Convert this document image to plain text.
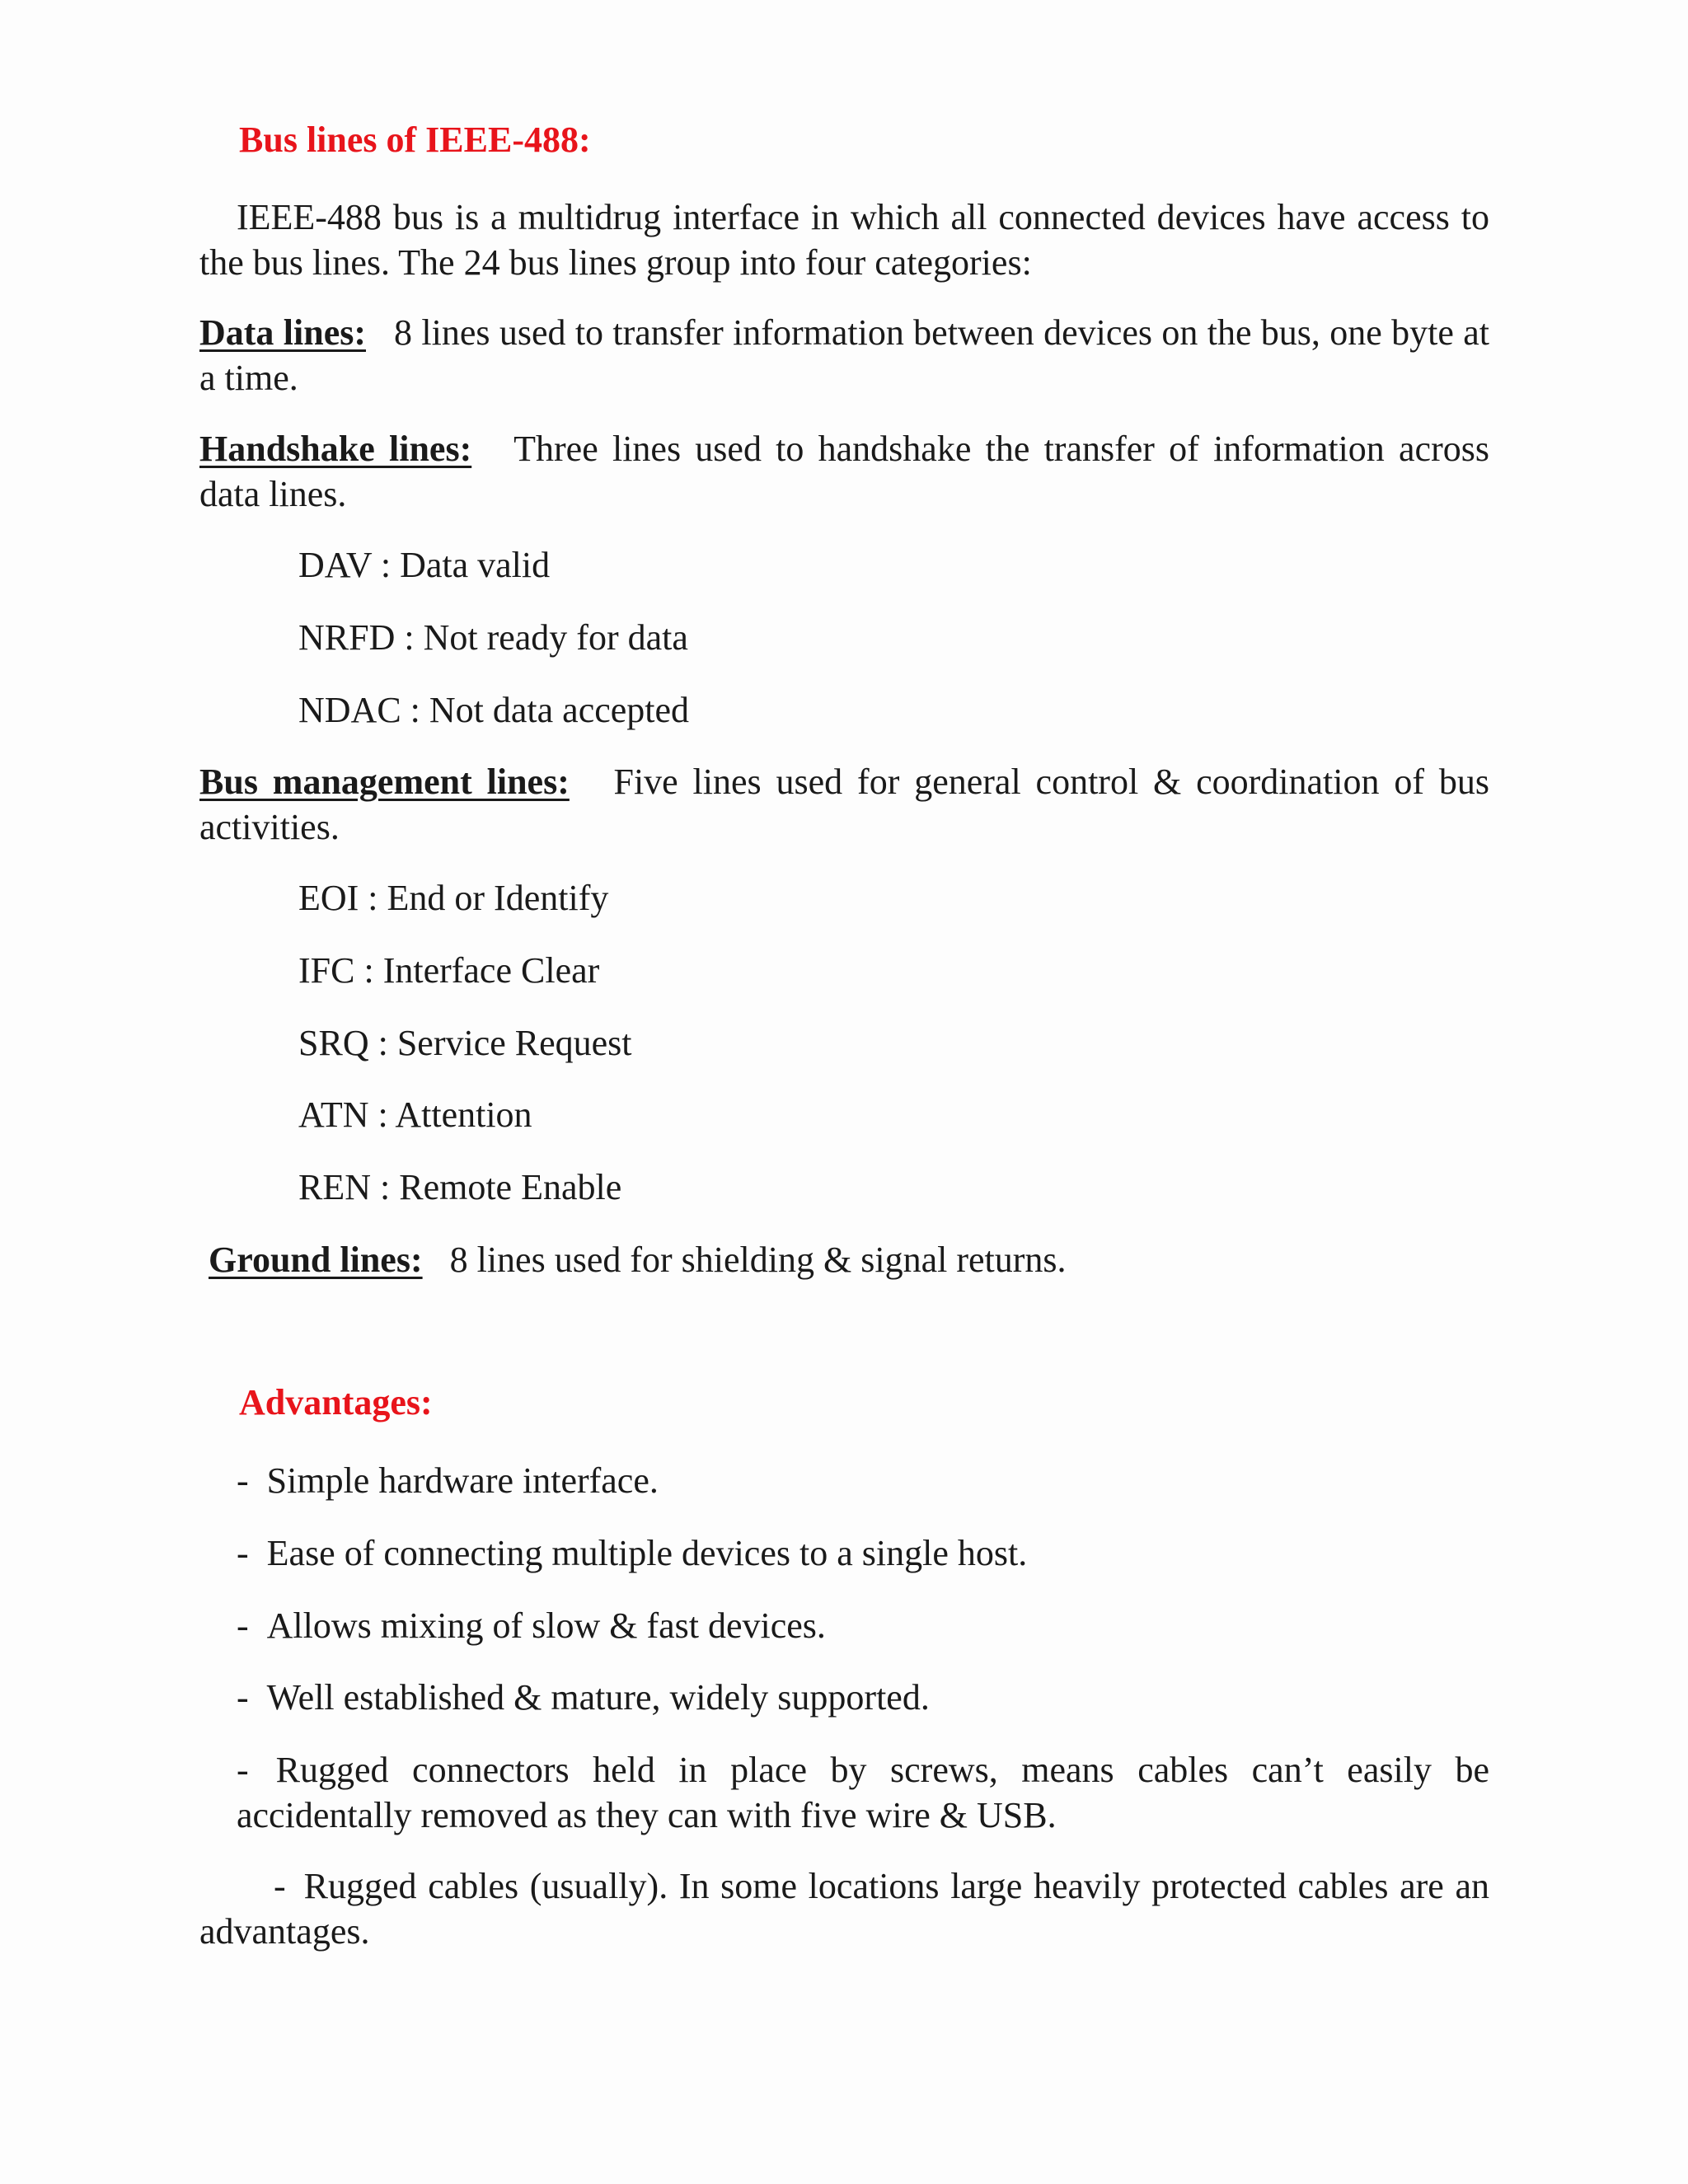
Bus lines of IEEE-488:
IEEE-488 bus is a multidrug interface in which all connected devices have access to the bus lines. The 24 bus lines group into four categories:
Data lines: 8 lines used to transfer information between devices on the bus, one byte at a time.
Handshake lines: Three lines used to handshake the transfer of information across data lines.
DAV : Data valid
NRFD : Not ready for data
NDAC : Not data accepted
Bus management lines: Five lines used for general control & coordination of bus activities.
EOI : End or Identify
IFC : Interface Clear
SRQ : Service Request
ATN : Attention
REN : Remote Enable
Ground lines: 8 lines used for shielding & signal returns.
Advantages:
-  Simple hardware interface.
-  Ease of connecting multiple devices to a single host.
-  Allows mixing of slow & fast devices.
-  Well established & mature, widely supported.
-   Rugged connectors held in place by screws, means cables can’t easily be accidentally removed as they can with five wire & USB.
-  Rugged cables (usually). In some locations large heavily protected cables are an advantages.
